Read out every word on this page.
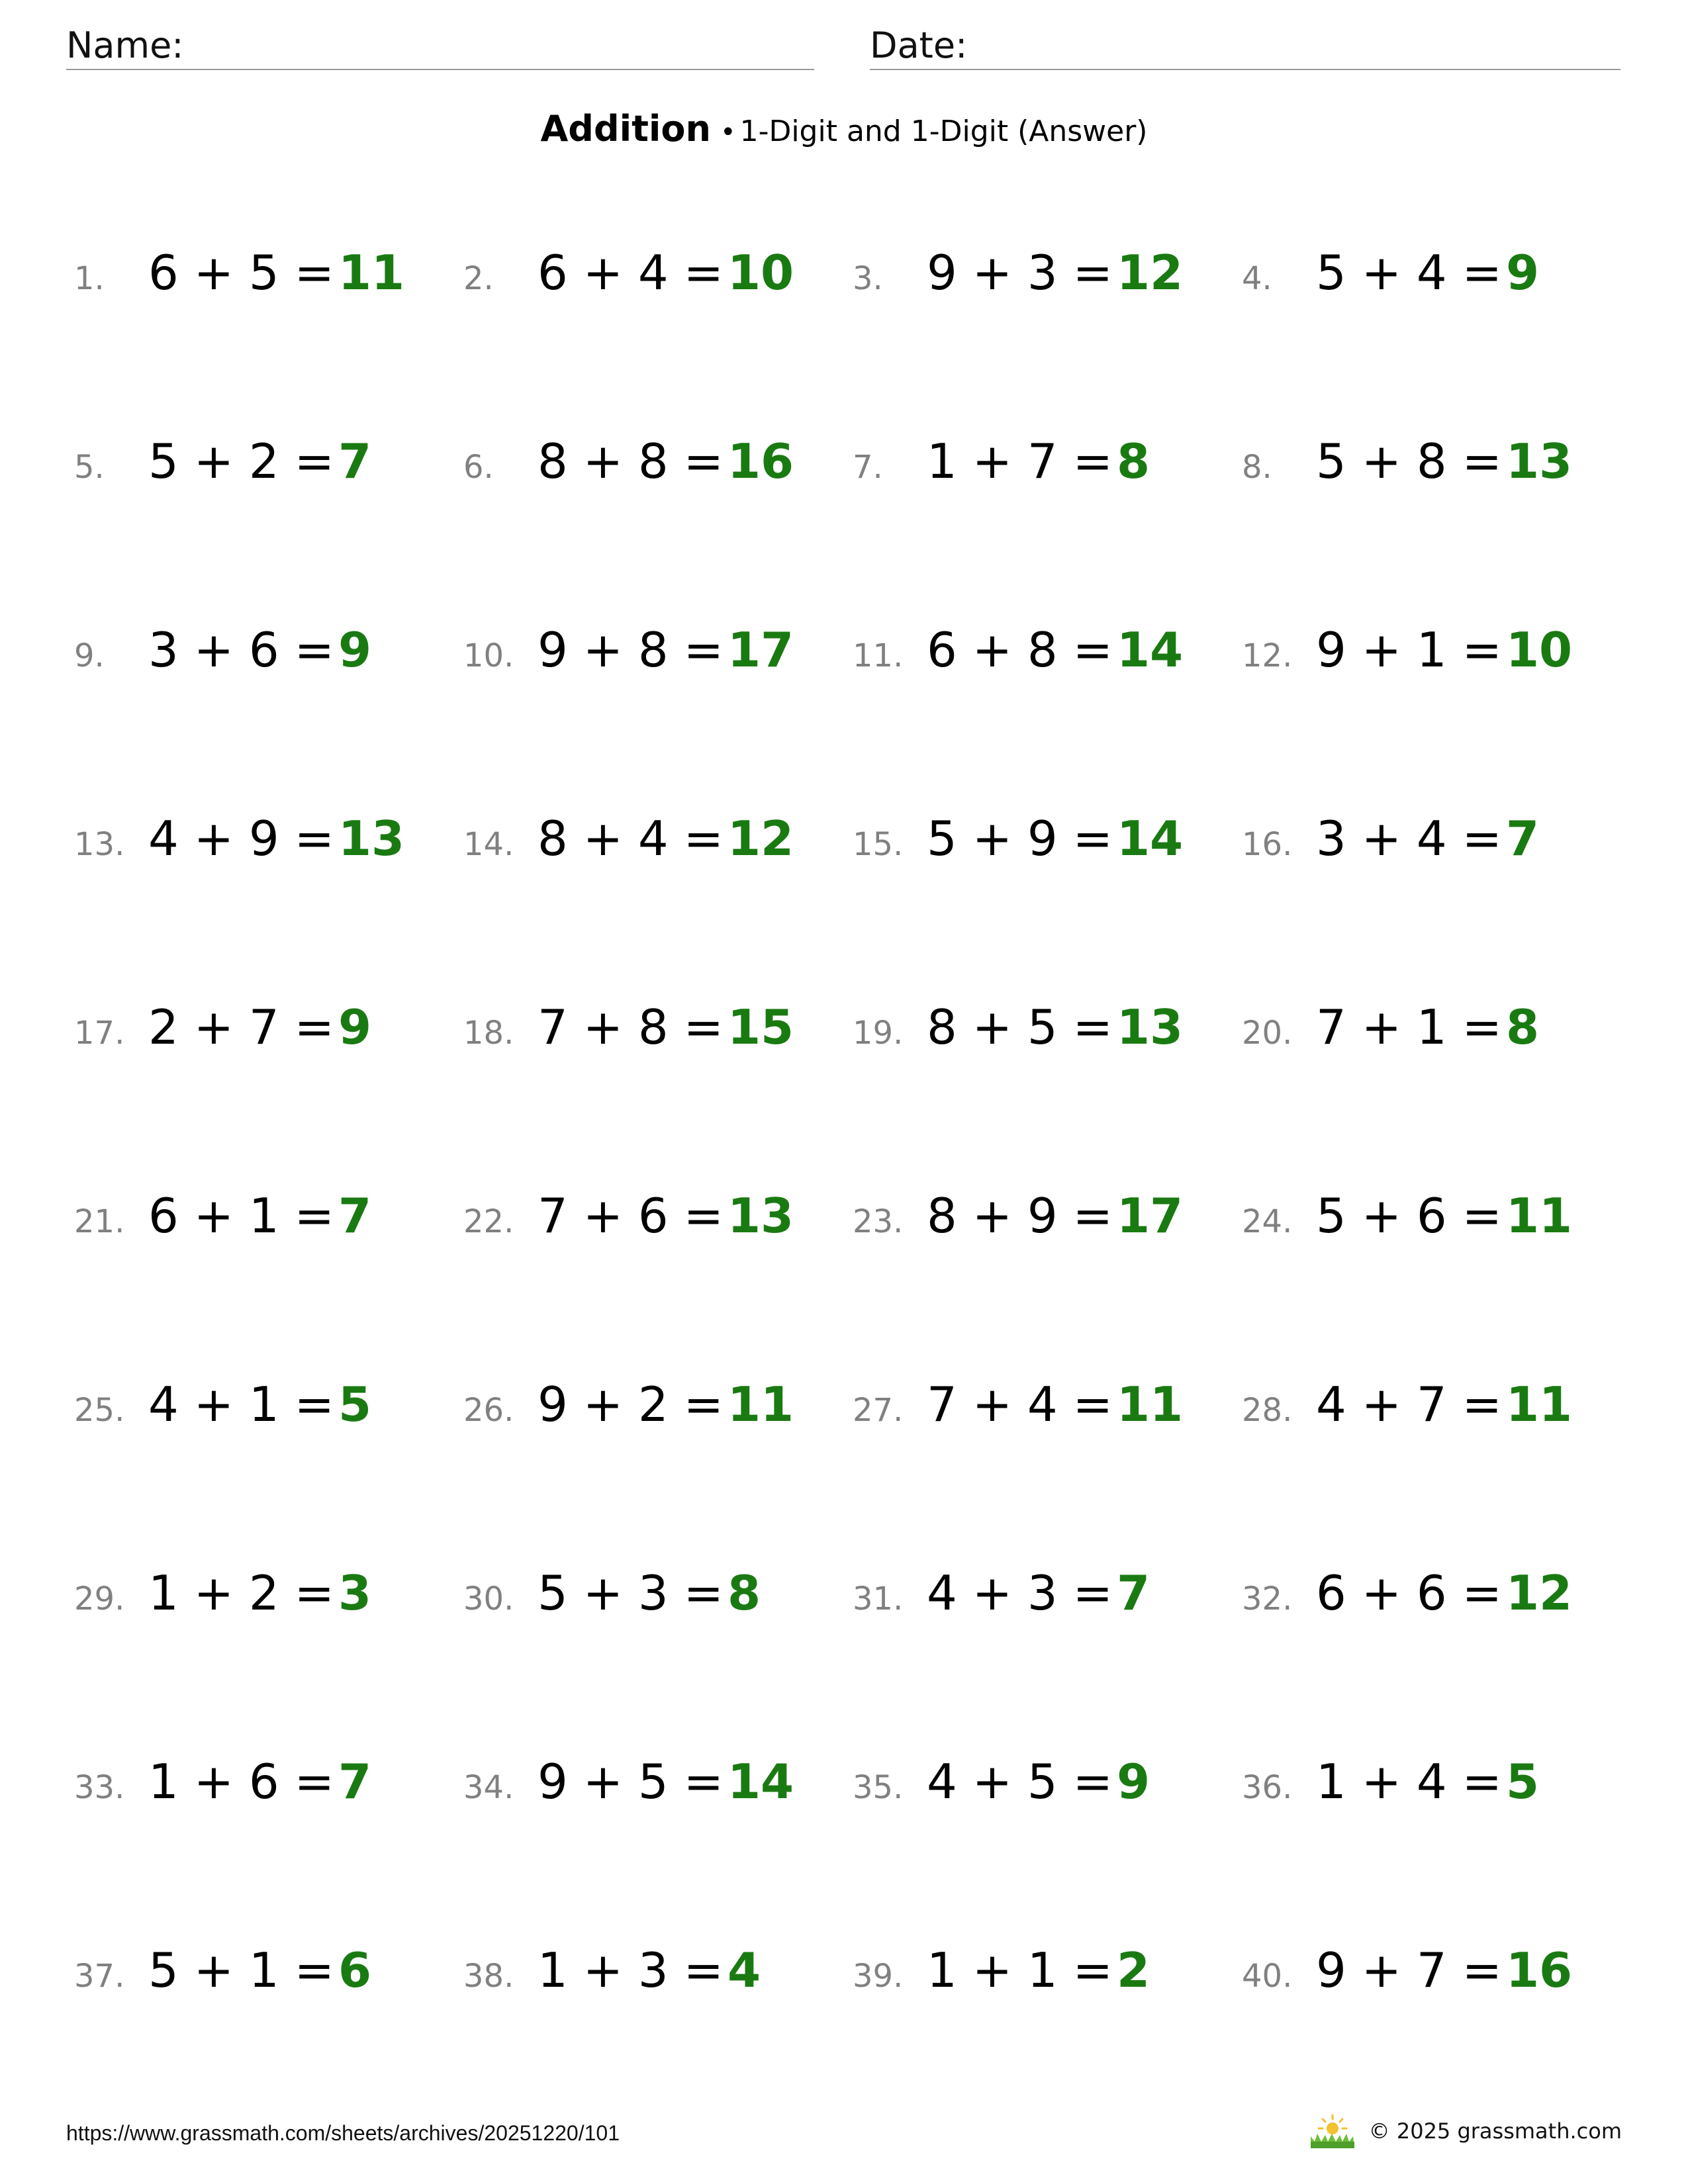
Name:	Date:
Addition • 1-Digit and 1-Digit (Answer)
1. 6 + 5 = 11 2. 6 + 4 = 10 3. 9 + 3 = 12 4. 5 + 4 = 9
5. 5 + 2 = 7	6. 8 + 8 = 16 7. 1 + 7 = 8	8. 5 + 8 = 13
9. 3 + 6 = 9	10. 9 + 8 = 17 11. 6 + 8 = 14 12. 9 + 1 = 10
13. 4 + 9 = 13 14. 8 + 4 = 12 15. 5 + 9 = 14 16. 3 + 4 = 7
17. 2 + 7 = 9	18. 7 + 8 = 15 19. 8 + 5 = 13 20. 7 + 1 = 8
21. 6 + 1 = 7	22. 7 + 6 = 13 23. 8 + 9 = 17 24. 5 + 6 = 11
25. 4 + 1 = 5	26. 9 + 2 = 11 27. 7 + 4 = 11 28. 4 + 7 = 11
29. 1 + 2 = 3	30. 5 + 3 = 8	31. 4 + 3 = 7	32. 6 + 6 = 12
33. 1 + 6 = 7	34. 9 + 5 = 14 35. 4 + 5 = 9	36. 1 + 4 = 5
37. 5 + 1 = 6	38. 1 + 3 = 4	39. 1 + 1 = 2	40. 9 + 7 = 16
https://www.grassmath.com/sheets/archives/20251220/101	© 2025 grassmath.com
